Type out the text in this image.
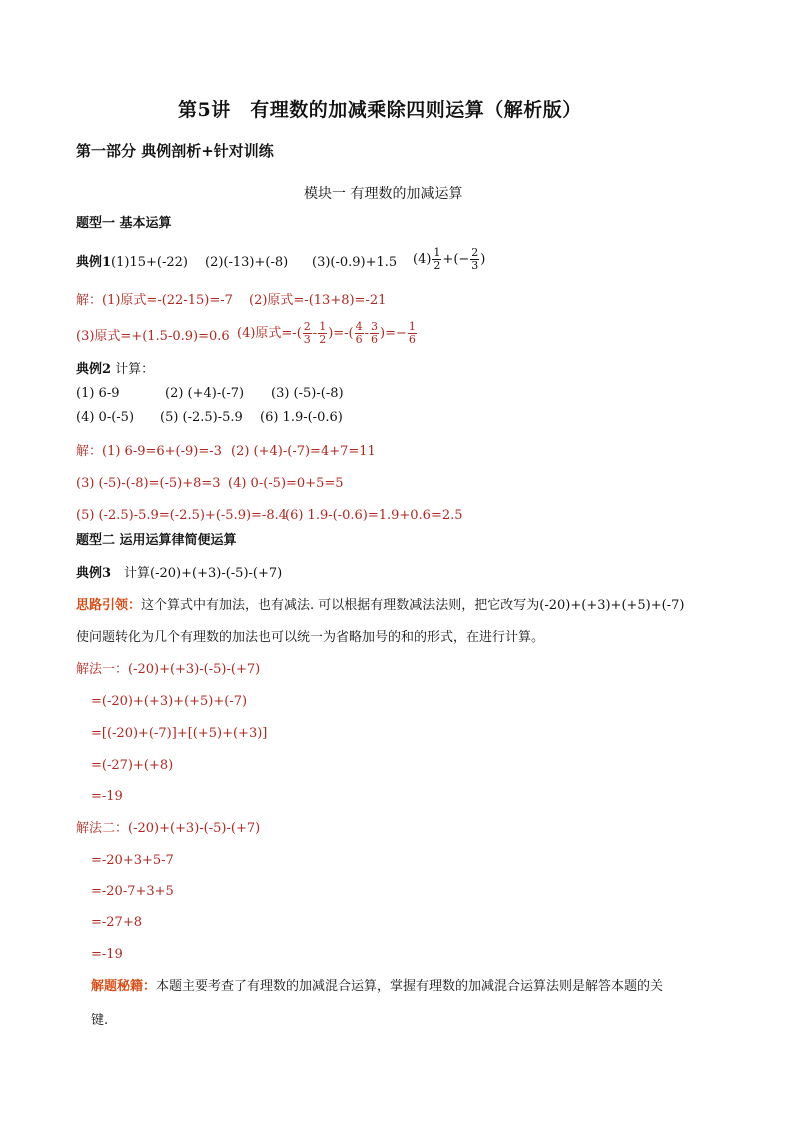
第5讲　有理数的加减乘除四则运算（解析版）
第一部分 典例剖析+针对训练
模块一 有理数的加减运算
题型一 基本运算
典例1(1)15+(-22) (2)(-13)+(-8) (3)(-0.9)+1.5 $(4) \frac{1}{2}$ +(− $\frac{2}{3}$ )
解：(1)原式=-(22-15)=-7 (2)原式=-(13+8)=-21
(3)原式=+(1.5-0.9)=0.6 (4)原式=-( $\frac{2}{3} - \frac{1}{2}$ )=-( $\frac{4}{6} - \frac{3}{6}$ )=− $\frac{1}{6}$
典例2 计算：
(1) 6-9	(2) (+4)-(-7) (3) (-5)-(-8)
(4) 0-(-5) (5) (-2.5)-5.9 (6) 1.9-(-0.6)
解：(1) 6-9=6+(-9)=-3 (2) (+4)-(-7)=4+7=11
(3) (-5)-(-8)=(-5)+8=3 (4) 0-(-5)=0+5=5
(5) (-2.5)-5.9=(-2.5)+(-5.9)=-8.4
(6) 1.9-(-0.6)=1.9+0.6=2.5
题型二 运用运算律简便运算
典例3　计算(-20)+(+3)-(-5)-(+7)
思路引领：这个算式中有加法，也有减法. 可以根据有理数减法法则，把它改写为(-20)+(+3)+(+5)+(-7)
使问题转化为几个有理数的加法也可以统一为省略加号的和的形式，在进行计算。
解法一：(-20)+(+3)-(-5)-(+7)
=(-20)+(+3)+(+5)+(-7)
=[(-20)+(-7)]+[(+5)+(+3)]
=(-27)+(+8)
=-19
解法二：(-20)+(+3)-(-5)-(+7)
=-20+3+5-7
=-20-7+3+5
=-27+8
=-19
解题秘籍：本题主要考查了有理数的加减混合运算，掌握有理数的加减混合运算法则是解答本题的关
键.
